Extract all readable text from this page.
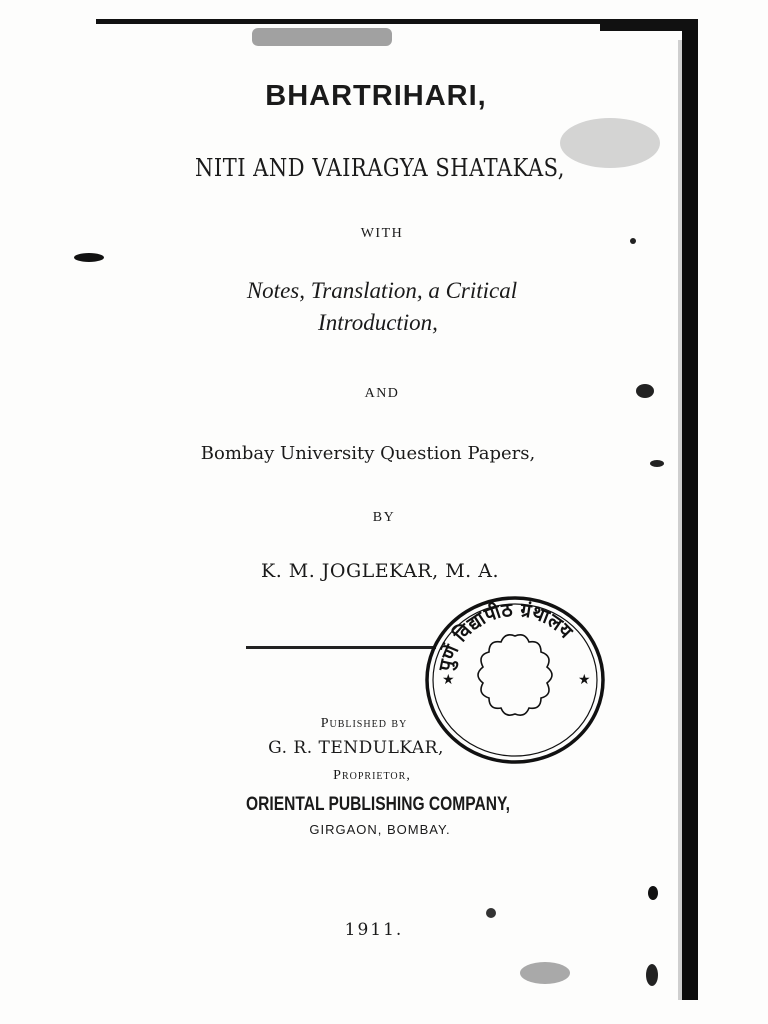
BHARTRIHARI,
NITI AND VAIRAGYA SHATAKAS,
WITH
Notes, Translation, a Critical
Introduction,
AND
Bombay University Question Papers,
BY
K. M. JOGLEKAR, M. A.
पुणें विद्यापीठ ग्रंथालय
★	★
Published by
G. R. TENDULKAR,
Proprietor,
ORIENTAL PUBLISHING COMPANY,
GIRGAON, BOMBAY.
1911.
